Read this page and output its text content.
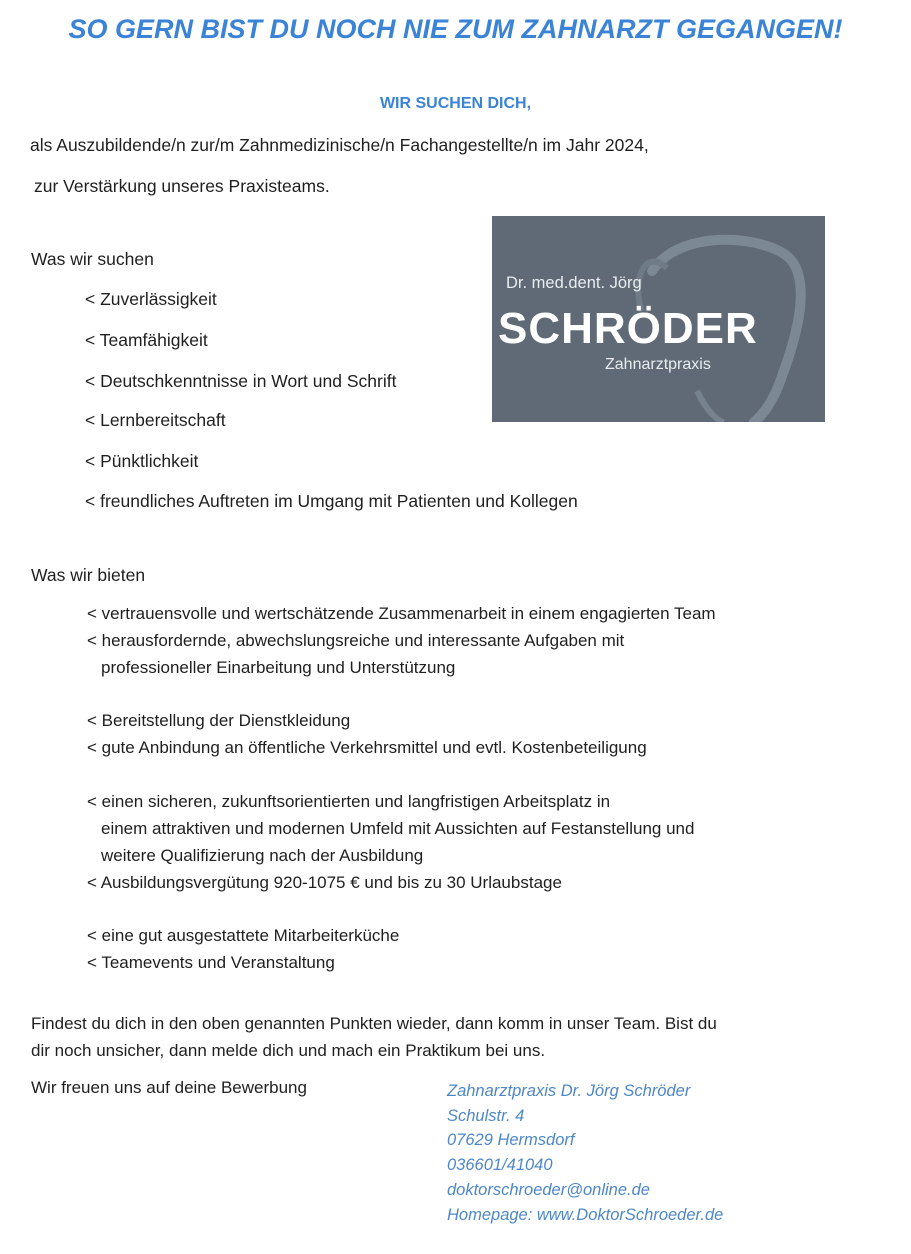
SO GERN BIST DU NOCH NIE ZUM ZAHNARZT GEGANGEN!
WIR SUCHEN DICH,
als Auszubildende/n zur/m Zahnmedizinische/n Fachangestellte/n im Jahr 2024,
zur Verstärkung unseres Praxisteams.
Dr. med.dent. Jörg
SCHRÖDER
Zahnarztpraxis
Was wir suchen
< Zuverlässigkeit
< Teamfähigkeit
< Deutschkenntnisse in Wort und Schrift
< Lernbereitschaft
< Pünktlichkeit
< freundliches Auftreten im Umgang mit Patienten und Kollegen
Was wir bieten
< vertrauensvolle und wertschätzende Zusammenarbeit in einem engagierten Team
< herausfordernde, abwechslungsreiche und interessante Aufgaben mit
professioneller Einarbeitung und Unterstützung
< Bereitstellung der Dienstkleidung
< gute Anbindung an öffentliche Verkehrsmittel und evtl. Kostenbeteiligung
< einen sicheren, zukunftsorientierten und langfristigen Arbeitsplatz in
einem attraktiven und modernen Umfeld mit Aussichten auf Festanstellung und
weitere Qualifizierung nach der Ausbildung
< Ausbildungsvergütung 920-1075 € und bis zu 30 Urlaubstage
< eine gut ausgestattete Mitarbeiterküche
< Teamevents und Veranstaltung
Findest du dich in den oben genannten Punkten wieder, dann komm in unser Team. Bist du
dir noch unsicher, dann melde dich und mach ein Praktikum bei uns.
Wir freuen uns auf deine Bewerbung	Zahnarztpraxis Dr. Jörg Schröder
Schulstr. 4
07629 Hermsdorf
036601/41040
doktorschroeder@online.de
Homepage: www.DoktorSchroeder.de
